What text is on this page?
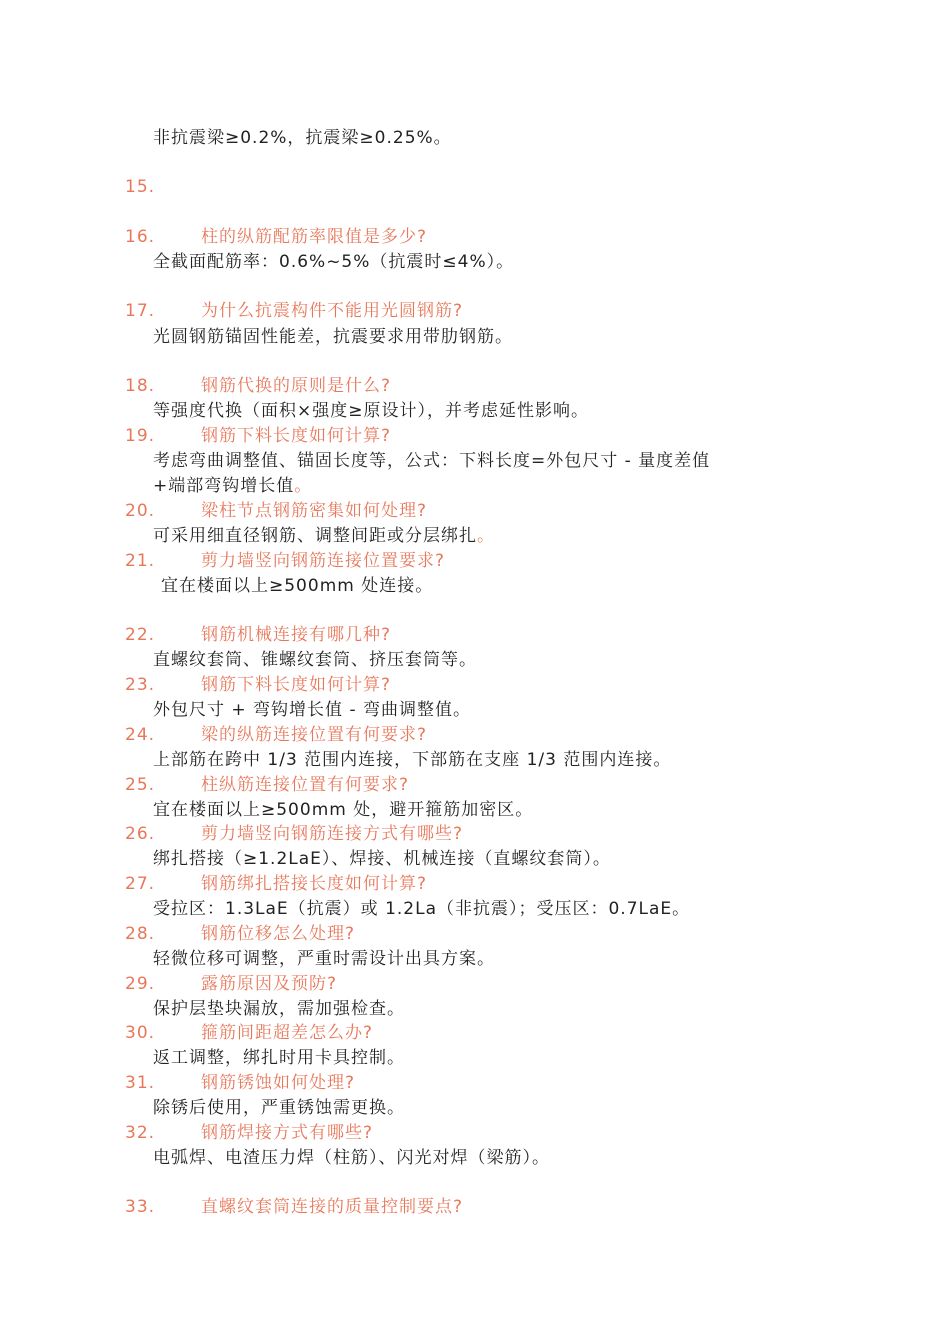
非抗震梁≥0.2%，抗震梁≥0.25%。
15.
16.	柱的纵筋配筋率限值是多少?
全截面配筋率：0.6%~5%（抗震时≤4%）。
17.	为什么抗震构件不能用光圆钢筋?
光圆钢筋锚固性能差，抗震要求用带肋钢筋。
18.	钢筋代换的原则是什么?
等强度代换（面积×强度≥原设计），并考虑延性影响。
19.	钢筋下料长度如何计算?
考虑弯曲调整值、锚固长度等，公式：下料长度=外包尺寸 - 量度差值
+端部弯钩增长值。
20.	梁柱节点钢筋密集如何处理?
可采用细直径钢筋、调整间距或分层绑扎。
21.	剪力墙竖向钢筋连接位置要求?
宜在楼面以上≥500mm 处连接。
22.	钢筋机械连接有哪几种?
直螺纹套筒、锥螺纹套筒、挤压套筒等。
23.	钢筋下料长度如何计算?
外包尺寸 + 弯钩增长值 - 弯曲调整值。
24.	梁的纵筋连接位置有何要求?
上部筋在跨中 1/3 范围内连接，下部筋在支座 1/3 范围内连接。
25.	柱纵筋连接位置有何要求?
宜在楼面以上≥500mm 处，避开箍筋加密区。
26.	剪力墙竖向钢筋连接方式有哪些?
绑扎搭接（≥1.2LaE）、焊接、机械连接（直螺纹套筒）。
27.	钢筋绑扎搭接长度如何计算?
受拉区：1.3LaE（抗震）或 1.2La（非抗震）；受压区：0.7LaE。
28.	钢筋位移怎么处理?
轻微位移可调整，严重时需设计出具方案。
29.	露筋原因及预防?
保护层垫块漏放，需加强检查。
30.	箍筋间距超差怎么办?
返工调整，绑扎时用卡具控制。
31.	钢筋锈蚀如何处理?
除锈后使用，严重锈蚀需更换。
32.	钢筋焊接方式有哪些?
电弧焊、电渣压力焊（柱筋）、闪光对焊（梁筋）。
33.	直螺纹套筒连接的质量控制要点?
